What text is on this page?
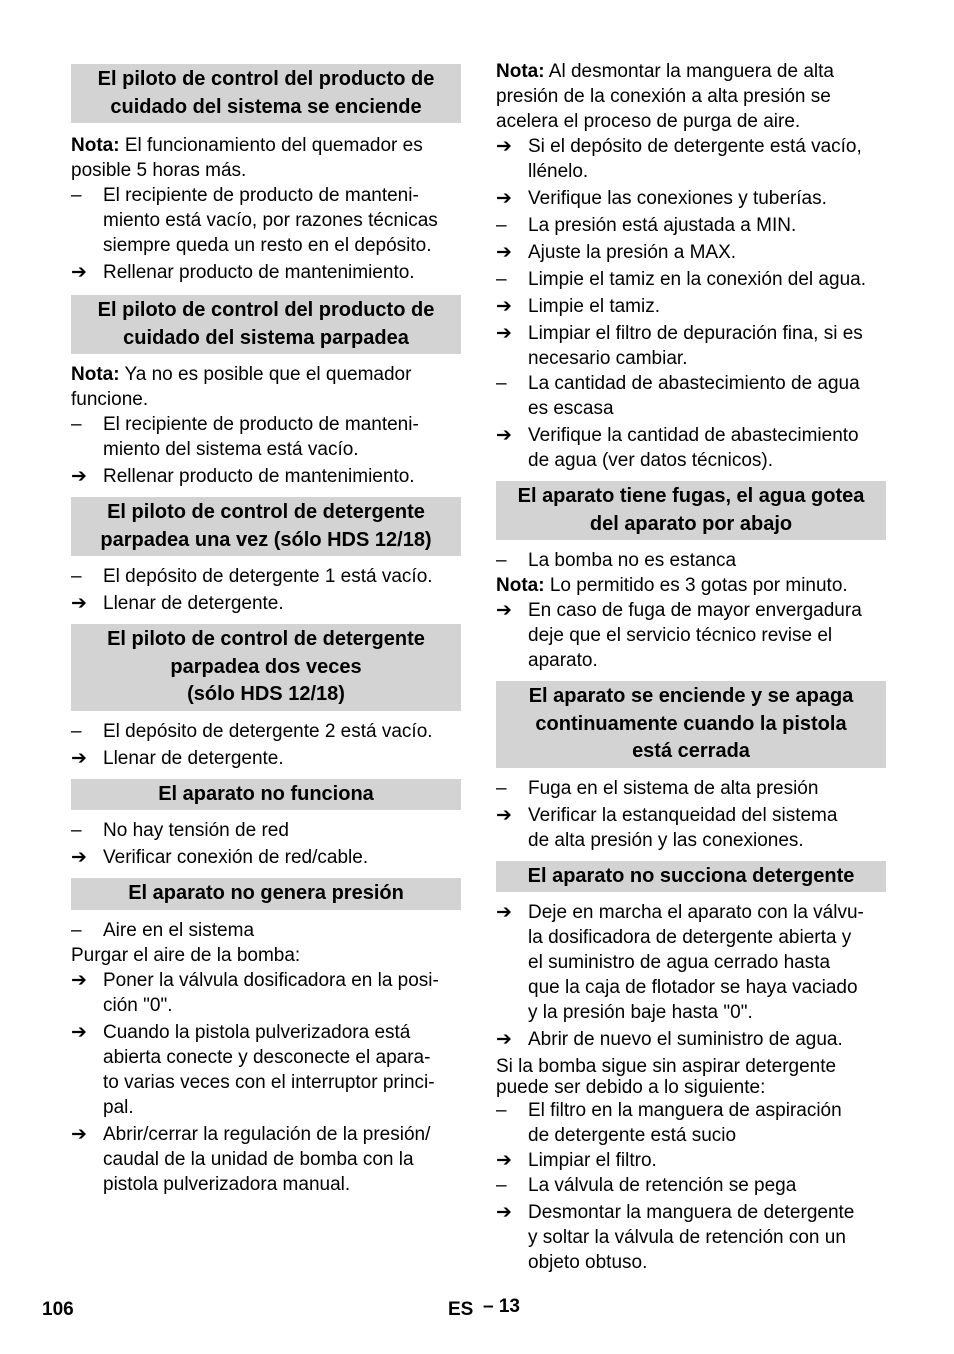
El piloto de control del producto de
cuidado del sistema se enciende

Nota: El funcionamiento del quemador es
posible 5 horas más.

–	El recipiente de producto de manteni-
miento está vacío, por razones técnicas
siempre queda un resto en el depósito.
➔ Rellenar producto de mantenimiento.
El piloto de control del producto de
cuidado del sistema parpadea

Nota: Ya no es posible que el quemador
funcione.

–	El recipiente de producto de manteni-
miento del sistema está vacío.
➔ Rellenar producto de mantenimiento.
El piloto de control de detergente
parpadea una vez (sólo HDS 12/18)
–	El depósito de detergente 1 está vacío.
➔ Llenar de detergente.
El piloto de control de detergente
parpadea dos veces
(sólo HDS 12/18)
–	El depósito de detergente 2 está vacío.
➔ Llenar de detergente.
El aparato no funciona
–	No hay tensión de red
➔ Verificar conexión de red/cable.
El aparato no genera presión
–	Aire en el sistema

Purgar el aire de la bomba:

➔ Poner la válvula dosificadora en la posi-
ción "0".
➔ Cuando la pistola pulverizadora está
abierta conecte y desconecte el apara-
to varias veces con el interruptor princi-
pal.
➔ Abrir/cerrar la regulación de la presión/
caudal de la unidad de bomba con la
pistola pulverizadora manual.

Nota: Al desmontar la manguera de alta
presión de la conexión a alta presión se
acelera el proceso de purga de aire.

➔ Si el depósito de detergente está vacío,
llénelo.
➔ Verifique las conexiones y tuberías.
–	La presión está ajustada a MIN.
➔ Ajuste la presión a MAX.
–	Limpie el tamiz en la conexión del agua.
➔ Limpie el tamiz.
➔ Limpiar el filtro de depuración fina, si es
necesario cambiar.
–	La cantidad de abastecimiento de agua
es escasa
➔ Verifique la cantidad de abastecimiento
de agua (ver datos técnicos).
El aparato tiene fugas, el agua gotea
del aparato por abajo
–	La bomba no es estanca

Nota: Lo permitido es 3 gotas por minuto.

➔ En caso de fuga de mayor envergadura
deje que el servicio técnico revise el
aparato.
El aparato se enciende y se apaga
continuamente cuando la pistola
está cerrada
–	Fuga en el sistema de alta presión
➔ Verificar la estanqueidad del sistema
de alta presión y las conexiones.
El aparato no succiona detergente
➔ Deje en marcha el aparato con la válvu-
la dosificadora de detergente abierta y
el suministro de agua cerrado hasta
que la caja de flotador se haya vaciado
y la presión baje hasta "0".
➔ Abrir de nuevo el suministro de agua.

Si la bomba sigue sin aspirar detergente
puede ser debido a lo siguiente:

–	El filtro en la manguera de aspiración
de detergente está sucio
➔ Limpiar el filtro.
–	La válvula de retención se pega
➔ Desmontar la manguera de detergente
y soltar la válvula de retención con un
objeto obtuso.
106	ES – 13
